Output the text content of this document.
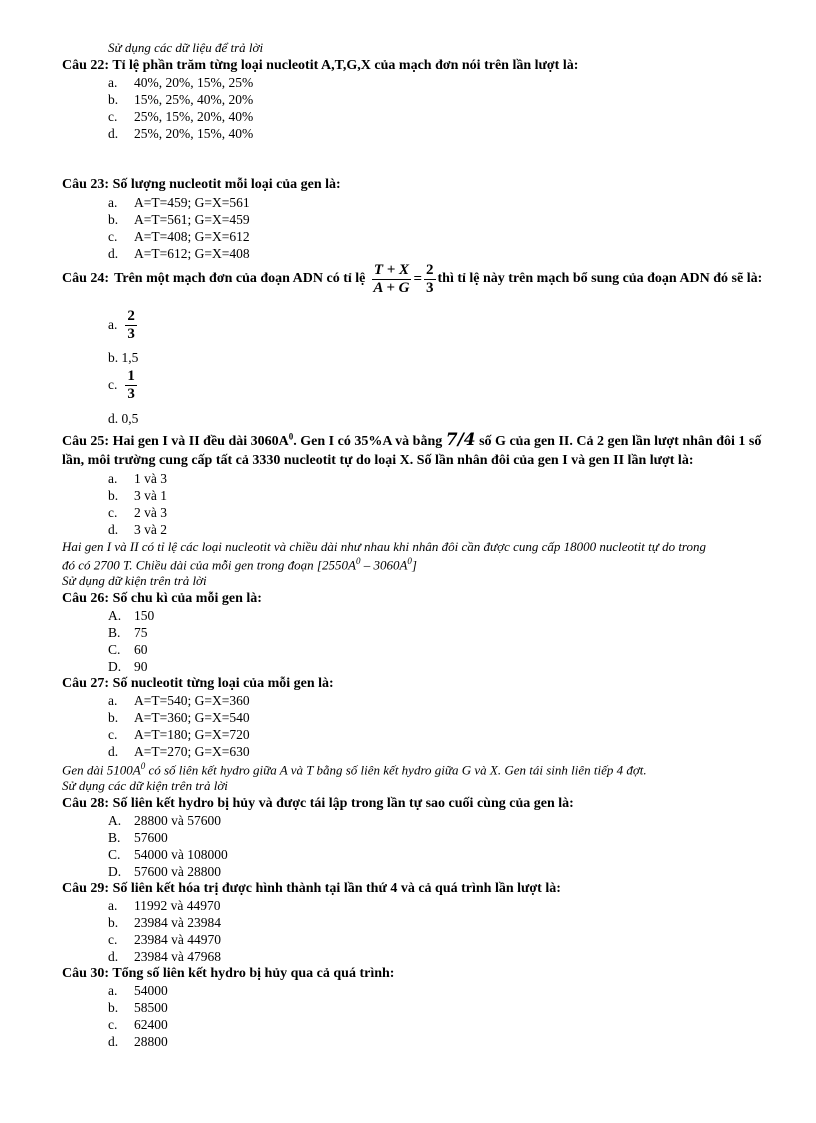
Sử dụng các dữ liệu để trả lời
Câu 22: Tỉ lệ phần trăm từng loại nucleotit A,T,G,X của mạch đơn nói trên lần lượt là:
a. 40%, 20%, 15%, 25%
b. 15%, 25%, 40%, 20%
c. 25%, 15%, 20%, 40%
d. 25%, 20%, 15%, 40%
Câu 23: Số lượng nucleotit mỗi loại của gen là:
a. A=T=459; G=X=561
b. A=T=561; G=X=459
c. A=T=408; G=X=612
d. A=T=612; G=X=408
Câu 24: Trên một mạch đơn của đoạn ADN có tỉ lệ $\frac{T + X}{A + G} = \frac{2}{3}$ thì tỉ lệ này trên mạch bổ sung của đoạn ADN đó sẽ là:
a. $\frac{2}{3}$
b. 1,5
c. $\frac{1}{3}$
d. 0,5
Câu 25: Hai gen I và II đều dài $3060A^0$. Gen I có 35%A và bằng 7/4 số G của gen II. Cả 2 gen lần lượt nhân đôi 1 số
lần, môi trường cung cấp tất cả 3330 nucleotit tự do loại X. Số lần nhân đôi của gen I và gen II lần lượt là:
a. 1 và 3
b. 3 và 1
c. 2 và 3
d. 3 và 2
Hai gen I và II có tỉ lệ các loại nucleotit và chiều dài như nhau khi nhân đôi cần được cung cấp 18000 nucleotit tự do trong
đó có 2700 T. Chiều dài của mỗi gen trong đoạn $[2550A^0 - 3060A^0]$
Sử dụng dữ kiện trên trả lời
Câu 26: Số chu kì của mỗi gen là:
A. 150
B. 75
C. 60
D. 90
Câu 27: Số nucleotit từng loại của mỗi gen là:
a. A=T=540; G=X=360
b. A=T=360; G=X=540
c. A=T=180; G=X=720
d. A=T=270; G=X=630
Gen dài $5100A^0$ có số liên kết hydro giữa A và T bằng số liên kết hydro giữa G và X. Gen tái sinh liên tiếp 4 đợt.
Sử dụng các dữ kiện trên trả lời
Câu 28: Số liên kết hydro bị hủy và được tái lập trong lần tự sao cuối cùng của gen là:
A. 28800 và 57600
B. 57600
C. 54000 và 108000
D. 57600 và 28800
Câu 29: Số liên kết hóa trị được hình thành tại lần thứ 4 và cả quá trình lần lượt là:
a. 11992 và 44970
b. 23984 và 23984
c. 23984 và 44970
d. 23984 và 47968
Câu 30: Tổng số liên kết hydro bị hủy qua cả quá trình:
a. 54000
b. 58500
c. 62400
d. 28800
